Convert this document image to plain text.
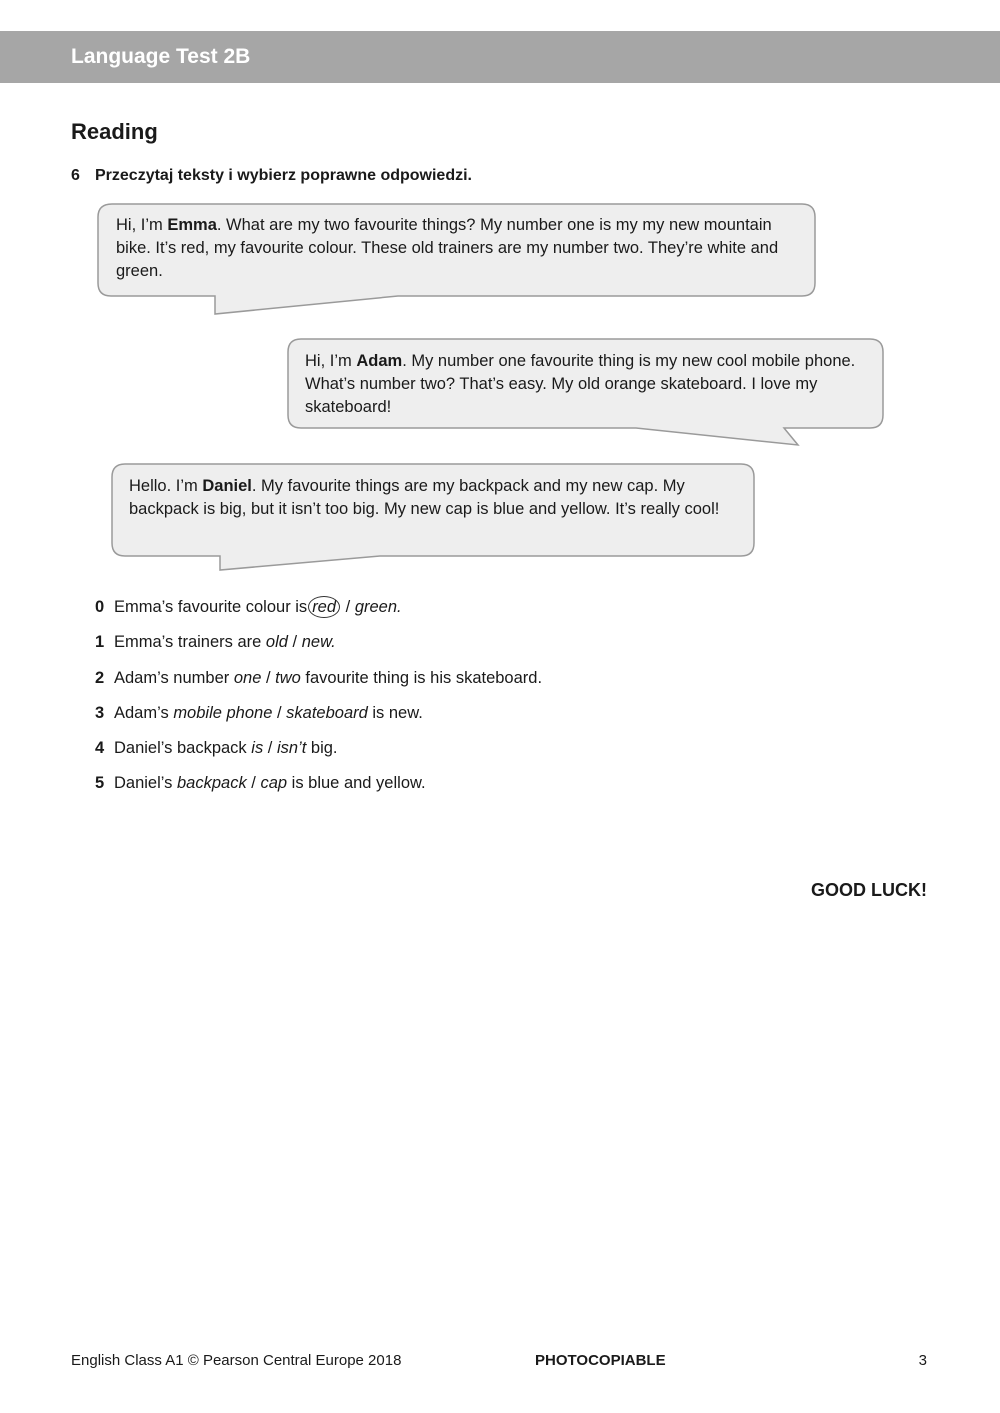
Language Test 2B
Reading

6 Przeczytaj teksty i wybierz poprawne odpowiedzi.

Hi, I’m Emma. What are my two favourite things? My number one is my my new mountain bike. It’s red, my favourite colour. These old trainers are my number two. They’re white and green.

Hi, I’m Adam. My number one favourite thing is my new cool mobile phone. What’s number two? That’s easy. My old orange skateboard. I love my skateboard!

Hello. I’m Daniel. My favourite things are my backpack and my new cap. My backpack is big, but it isn’t too big. My new cap is blue and yellow. It’s really cool!

0 Emma’s favourite colour is red / green.
1 Emma’s trainers are old / new.
2 Adam’s number one / two favourite thing is his skateboard.
3 Adam’s mobile phone / skateboard is new.
4 Daniel’s backpack is / isn’t big.
5 Daniel’s backpack / cap is blue and yellow.

GOOD LUCK!

English Class A1 © Pearson Central Europe 2018	PHOTOCOPIABLE	3
